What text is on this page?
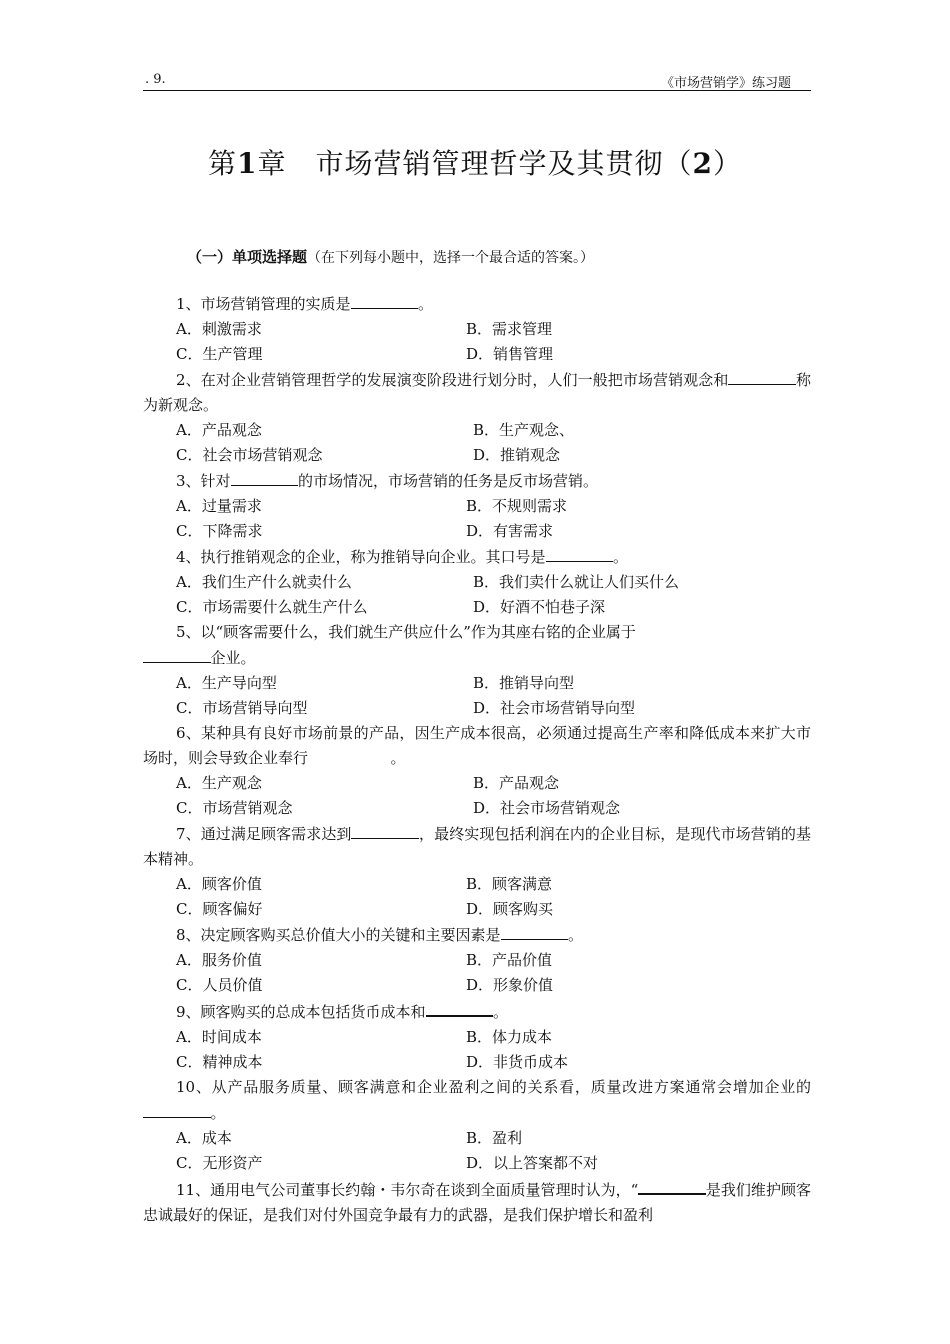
. 9.	《市场营销学》练习题
第1章　市场营销管理哲学及其贯彻（2）
（一）单项选择题（在下列每小题中，选择一个最合适的答案。）
1、市场营销管理的实质是	。
A．刺激需求	B．需求管理
C．生产管理	D．销售管理
2、在对企业营销管理哲学的发展演变阶段进行划分时，人们一般把市场营销观念和	称为新观念。
A．产品观念	B．生产观念、
C．社会市场营销观念	D．推销观念
3、针对	的市场情况，市场营销的任务是反市场营销。
A．过量需求	B．不规则需求
C．下降需求	D．有害需求
4、执行推销观念的企业，称为推销导向企业。其口号是	。
A．我们生产什么就卖什么	B．我们卖什么就让人们买什么
C．市场需要什么就生产什么	D．好酒不怕巷子深
5、以“顾客需要什么，我们就生产供应什么”作为其座右铭的企业属于
企业。
A．生产导向型	B．推销导向型
C．市场营销导向型	D．社会市场营销导向型
6、某种具有良好市场前景的产品，因生产成本很高，必须通过提高生产率和降低成本来扩大市场时，则会导致企业奉行	。
A．生产观念	B．产品观念
C．市场营销观念	D．社会市场营销观念
7、通过满足顾客需求达到	，最终实现包括利润在内的企业目标，是现代市场营销的基本精神。
A．顾客价值	B．顾客满意
C．顾客偏好	D．顾客购买
8、决定顾客购买总价值大小的关键和主要因素是	。
A．服务价值	B．产品价值
C．人员价值	D．形象价值
9、顾客购买的总成本包括货币成本和	。
A．时间成本	B．体力成本
C．精神成本	D．非货币成本
10、从产品服务质量、顾客满意和企业盈利之间的关系看，质量改进方案通常会增加企业的。
A．成本	B．盈利
C．无形资产	D．以上答案都不对
11、通用电气公司董事长约翰・韦尔奇在谈到全面质量管理时认为，“	是我们维护顾客忠诚最好的保证，是我们对付外国竞争最有力的武器，是我们保护增长和盈利
